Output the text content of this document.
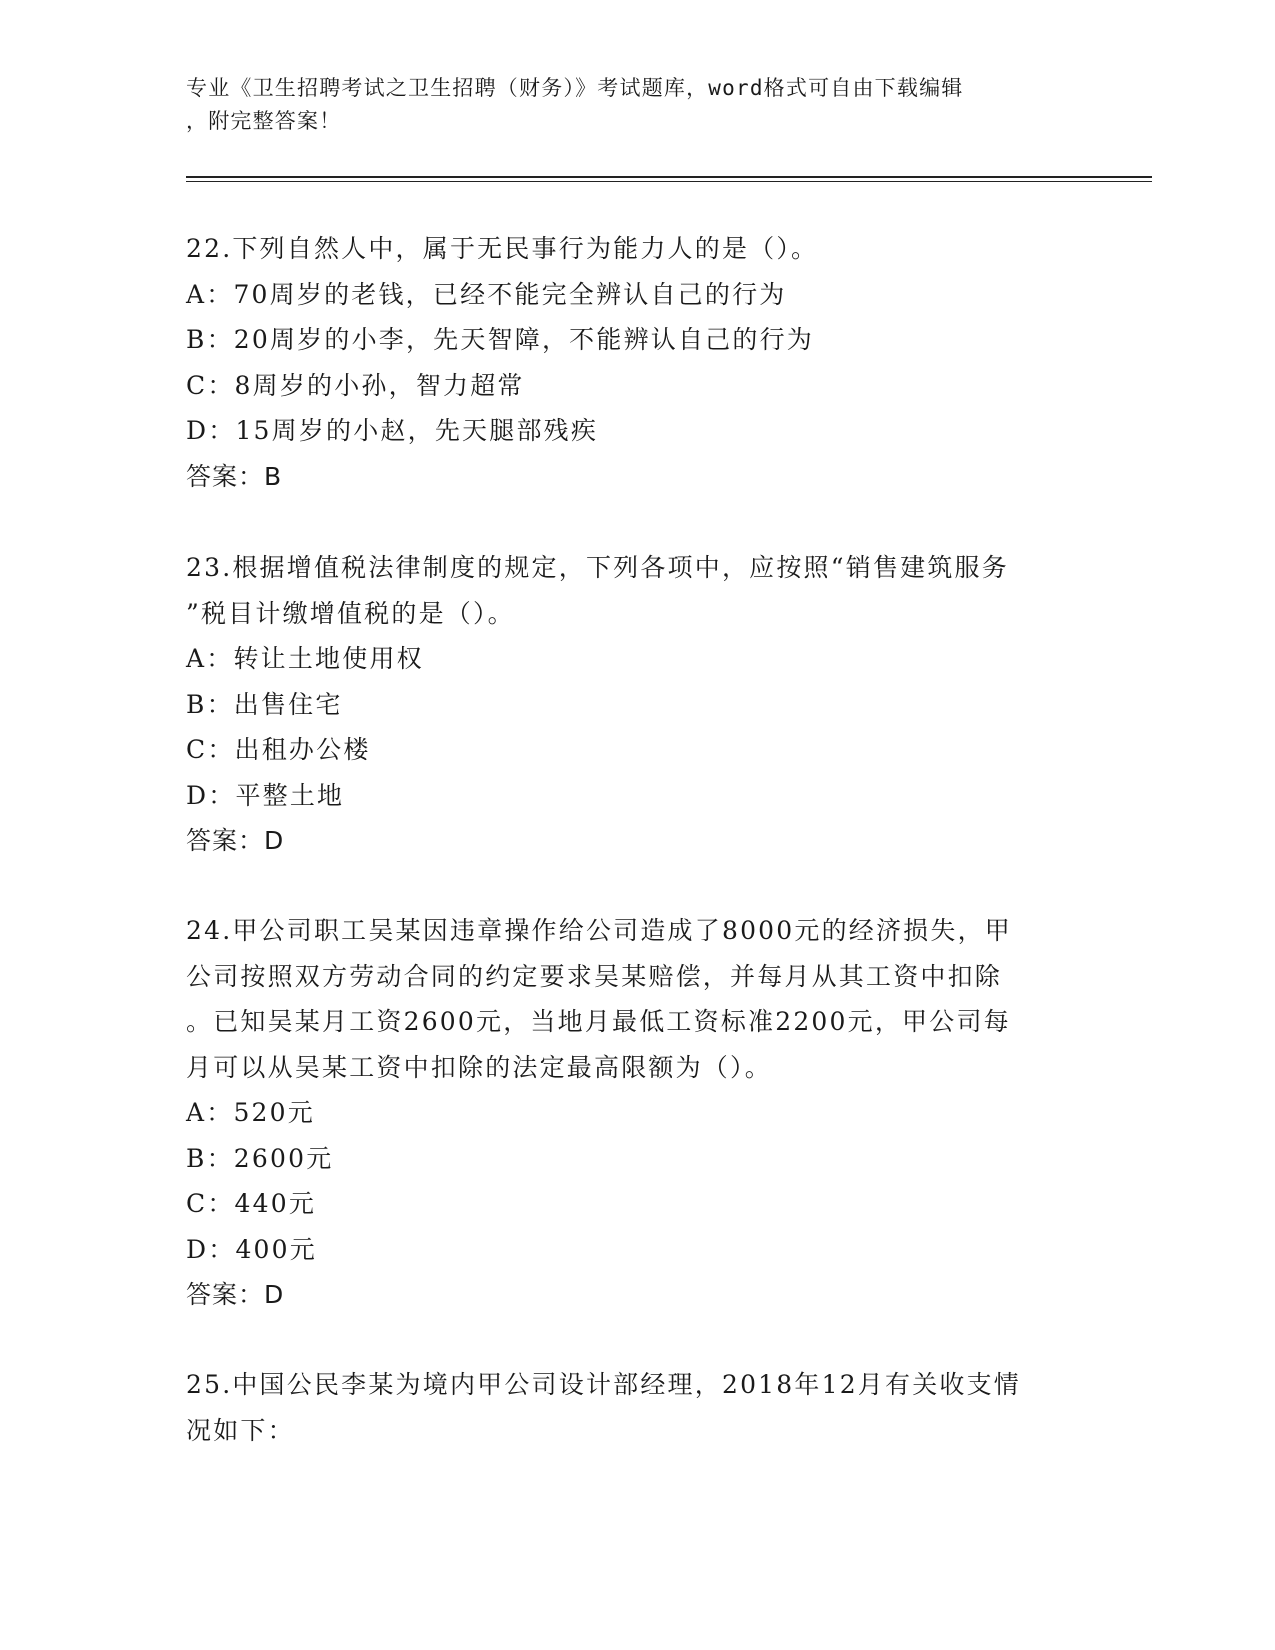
专业《卫生招聘考试之卫生招聘（财务）》考试题库，word格式可自由下载编辑
，附完整答案！

22.下列自然人中，属于无民事行为能力人的是（）。

A：70周岁的老钱，已经不能完全辨认自己的行为

B：20周岁的小李，先天智障，不能辨认自己的行为

C：8周岁的小孙，智力超常

D：15周岁的小赵，先天腿部残疾

答案：B

23.根据增值税法律制度的规定，下列各项中，应按照“销售建筑服务
”税目计缴增值税的是（）。

A：转让土地使用权

B：出售住宅

C：出租办公楼

D：平整土地

答案：D

24.甲公司职工吴某因违章操作给公司造成了8000元的经济损失，甲
公司按照双方劳动合同的约定要求吴某赔偿，并每月从其工资中扣除
。已知吴某月工资2600元，当地月最低工资标准2200元，甲公司每
月可以从吴某工资中扣除的法定最高限额为（）。

A：520元

B：2600元

C：440元

D：400元

答案：D

25.中国公民李某为境内甲公司设计部经理，2018年12月有关收支情
况如下：
